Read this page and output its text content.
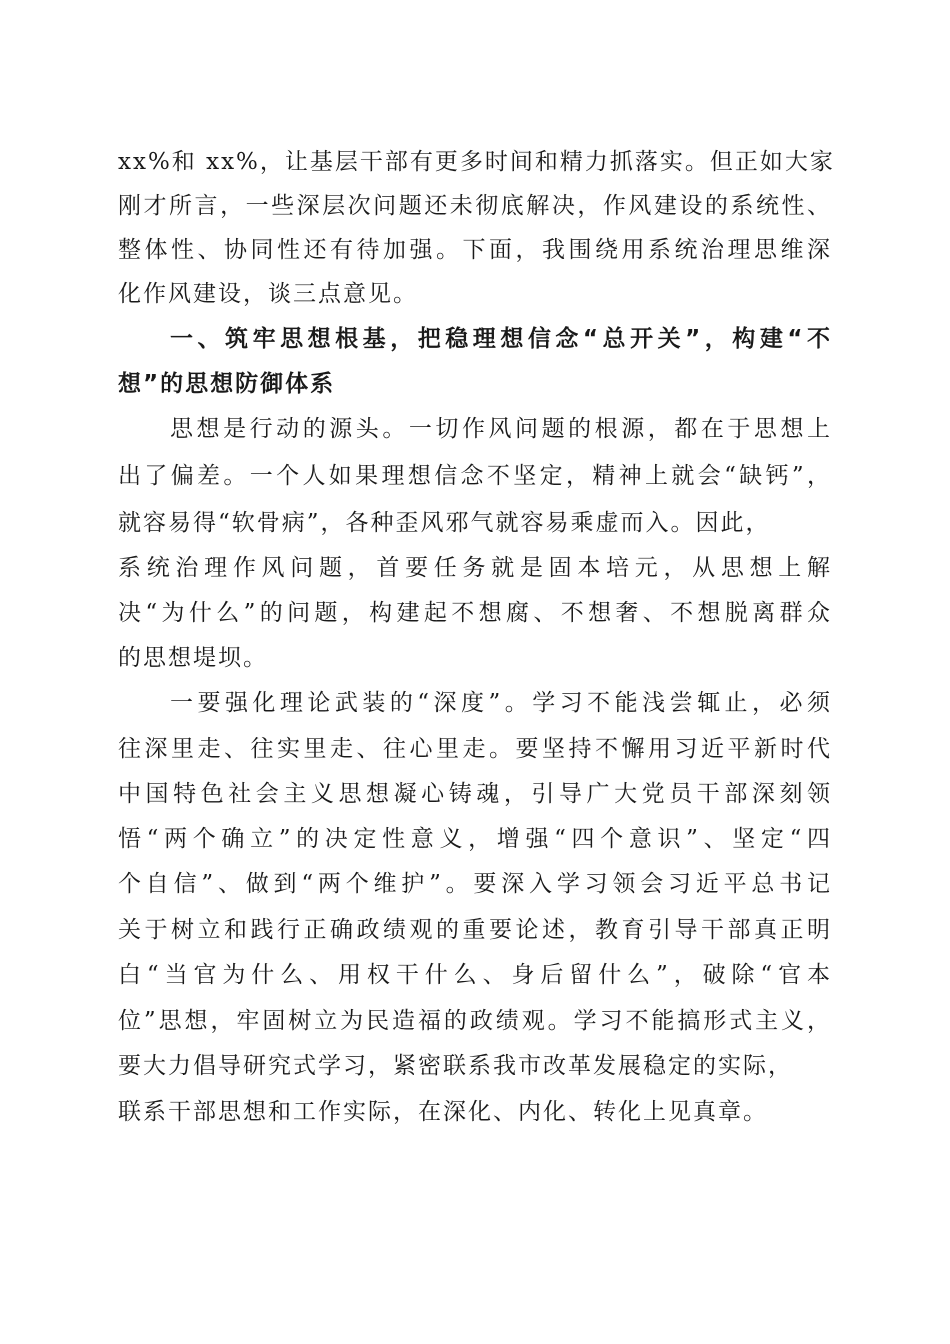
xx%和 xx%，让基层干部有更多时间和精力抓落实。但正如大家
刚才所言，一些深层次问题还未彻底解决，作风建设的系统性、
整体性、协同性还有待加强。下面，我围绕用系统治理思维深
化作风建设，谈三点意见。
一、筑牢思想根基，把稳理想信念“总开关”，构建“不
想”的思想防御体系
思想是行动的源头。一切作风问题的根源，都在于思想上
出了偏差。一个人如果理想信念不坚定，精神上就会“缺钙”，
就容易得“软骨病”，各种歪风邪气就容易乘虚而入。因此，
系统治理作风问题，首要任务就是固本培元，从思想上解
决“为什么”的问题，构建起不想腐、不想奢、不想脱离群众
的思想堤坝。
一要强化理论武装的“深度”。学习不能浅尝辄止，必须
往深里走、往实里走、往心里走。要坚持不懈用习近平新时代
中国特色社会主义思想凝心铸魂，引导广大党员干部深刻领
悟“两个确立”的决定性意义，增强“四个意识”、坚定“四
个自信”、做到“两个维护”。要深入学习领会习近平总书记
关于树立和践行正确政绩观的重要论述，教育引导干部真正明
白“当官为什么、用权干什么、身后留什么”，破除“官本
位”思想，牢固树立为民造福的政绩观。学习不能搞形式主义，
要大力倡导研究式学习，紧密联系我市改革发展稳定的实际，
联系干部思想和工作实际，在深化、内化、转化上见真章。
